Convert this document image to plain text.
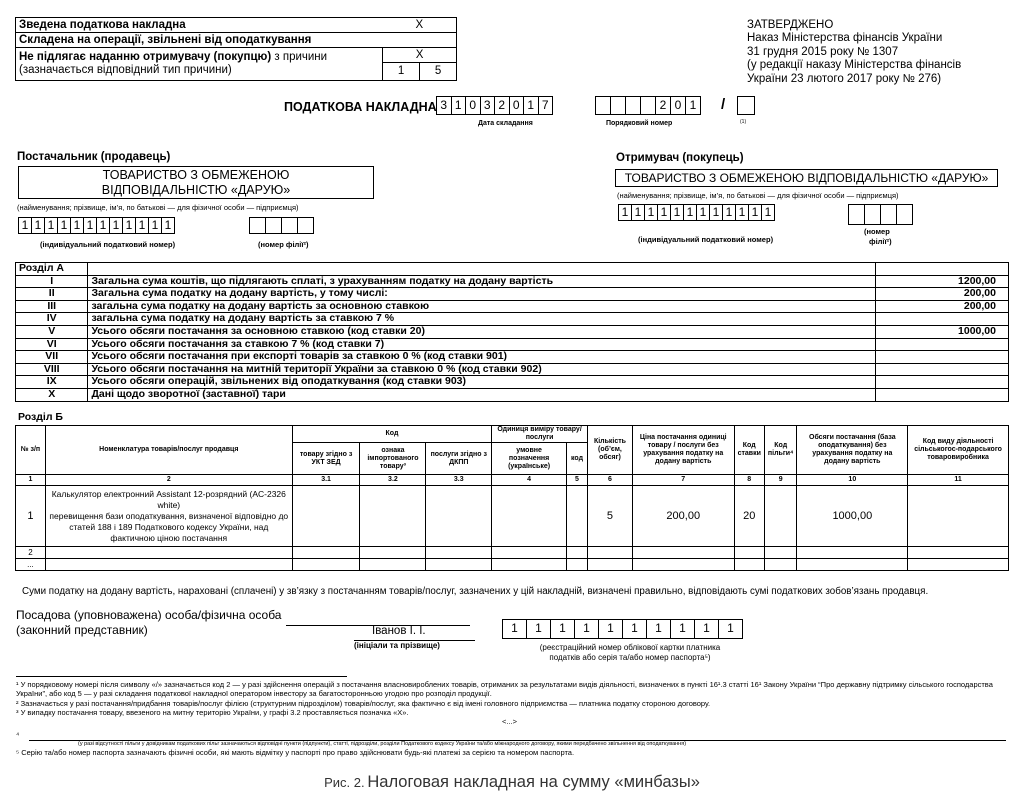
Зведена податкова накладна	X	
Складена на операції, звільнені від оподаткування		
Не підлягає наданню отримувачу (покупцю) з причини
(зазначається відповідний тип причини)	X	
	1	5
ЗАТВЕРДЖЕНО
Наказ Міністерства фінансів України
31 грудня 2015 року № 1307
(у редакції наказу Міністерства фінансів
України 23 лютого 2017 року № 276)
ПОДАТКОВА НАКЛАДНА 3 1 0 3 2 0 1 7
Дата складання
2 0 1	/
Порядковий номер	(1)
Постачальник (продавець)
ТОВАРИСТВО З ОБМЕЖЕНОЮ ВІДПОВІДАЛЬНІСТЮ «ДАРУЮ»
(найменування; прізвище, ім’я, по батькові — для фізичної особи — підприємця)
1 1 1 1 1 1 1 1 1 1 1 1
(індивідуальний податковий номер)	(номер філії²)
Отримувач (покупець)
ТОВАРИСТВО З ОБМЕЖЕНОЮ ВІДПОВІДАЛЬНІСТЮ «ДАРУЮ»
(найменування; прізвище, ім’я, по батькові — для фізичної особи — підприємця)
1 1 1 1 1 1 1 1 1 1 1 1
(індивідуальний податковий номер)
(номер
філії²)
Розділ А		
I	Загальна сума коштів, що підлягають сплаті, з урахуванням податку на додану вартість	1200,00
II	Загальна сума податку на додану вартість, у тому числі:	200,00
III	загальна сума податку на додану вартість за основною ставкою	200,00
IV	загальна сума податку на додану вартість за ставкою 7 %	
V	Усього обсяги постачання за основною ставкою (код ставки 20)	1000,00
VI	Усього обсяги постачання за ставкою 7 % (код ставки 7)	
VII	Усього обсяги постачання при експорті товарів за ставкою 0 % (код ставки 901)	
VIII	Усього обсяги постачання на митній території України за ставкою 0 % (код ставки 902)	
IX	Усього обсяги операцій, звільнених від оподаткування (код ставки 903)	
X	Дані щодо зворотної (заставної) тари	
Розділ Б
№ з/п	Номенклатура товарів/послуг продавця	Код			Одиниця виміру товару/послуги		Кількість (об’єм, обсяг)	Ціна постачання одиниці товару / послуги без урахування податку на додану вартість	Код ставки	Код пільги⁴	Обсяги постачання (база оподаткування) без урахування податку на додану вартість	Код виду діяльності сільськогос-подарського товаровиробника
		товару згідно з УКТ ЗЕД	ознака імпортованого товару³	послуги згідно з ДКПП	умовне позначення (українське)	код						
1	2	3.1	3.2	3.3	4	5	6	7	8	9	10	11
1	Калькулятор електронний Assistant 12-розрядний (AC-2326 white)
перевищення бази оподаткування, визначеної відповідно до статей 188 і 189 Податкового кодексу України, над фактичною ціною постачання						5	200,00	20		1000,00	
2												
...												
Суми податку на додану вартість, нараховані (сплачені) у зв’язку з постачанням товарів/послуг, зазначених у цій накладній, визначені правильно, відповідають сумі податкових зобов’язань продавця.
Посадова (уповноважена) особа/фізична особа
(законний представник)	Іванов І. І.
(ініціали та прізвище)
1	1	1	1	1	1	1	1	1	1
(реєстраційний номер облікової картки платника
податків або серія та/або номер паспорта⁵)
¹ У порядковому номері після символу «/» зазначається код 2 — у разі здійснення операцій з постачання власновироблених товарів, отриманих за результатами видів діяльності, визначених в пункті 16¹.3 статті 16¹ Закону України “Про державну підтримку сільського господарства України”, або код 5 — у разі складання податкової накладної оператором інвестору за багатосторонньою угодою про розподіл продукції.
² Зазначається у разі постачання/придбання товарів/послуг філією (структурним підрозділом) товарів/послуг, яка фактично є від імені головного підприємства — платника податку стороною договору.
³ У випадку постачання товару, ввезеного на митну територію України, у графі 3.2 проставляється позначка «Х».
<...>
⁴
(у разі відсутності пільги у довідникам податкових пільг зазначаються відповідні пункти (підпункти), статті, підрозділи, розділи Податкового кодексу України та/або міжнародного договору, якими передбачено звільнення від оподаткування)
⁵ Серію та/або номер паспорта зазначають фізичні особи, які мають відмітку у паспорті про право здійснювати будь-які платежі за серією та номером паспорта.
Рис. 2. Налоговая накладная на сумму «минбазы»
